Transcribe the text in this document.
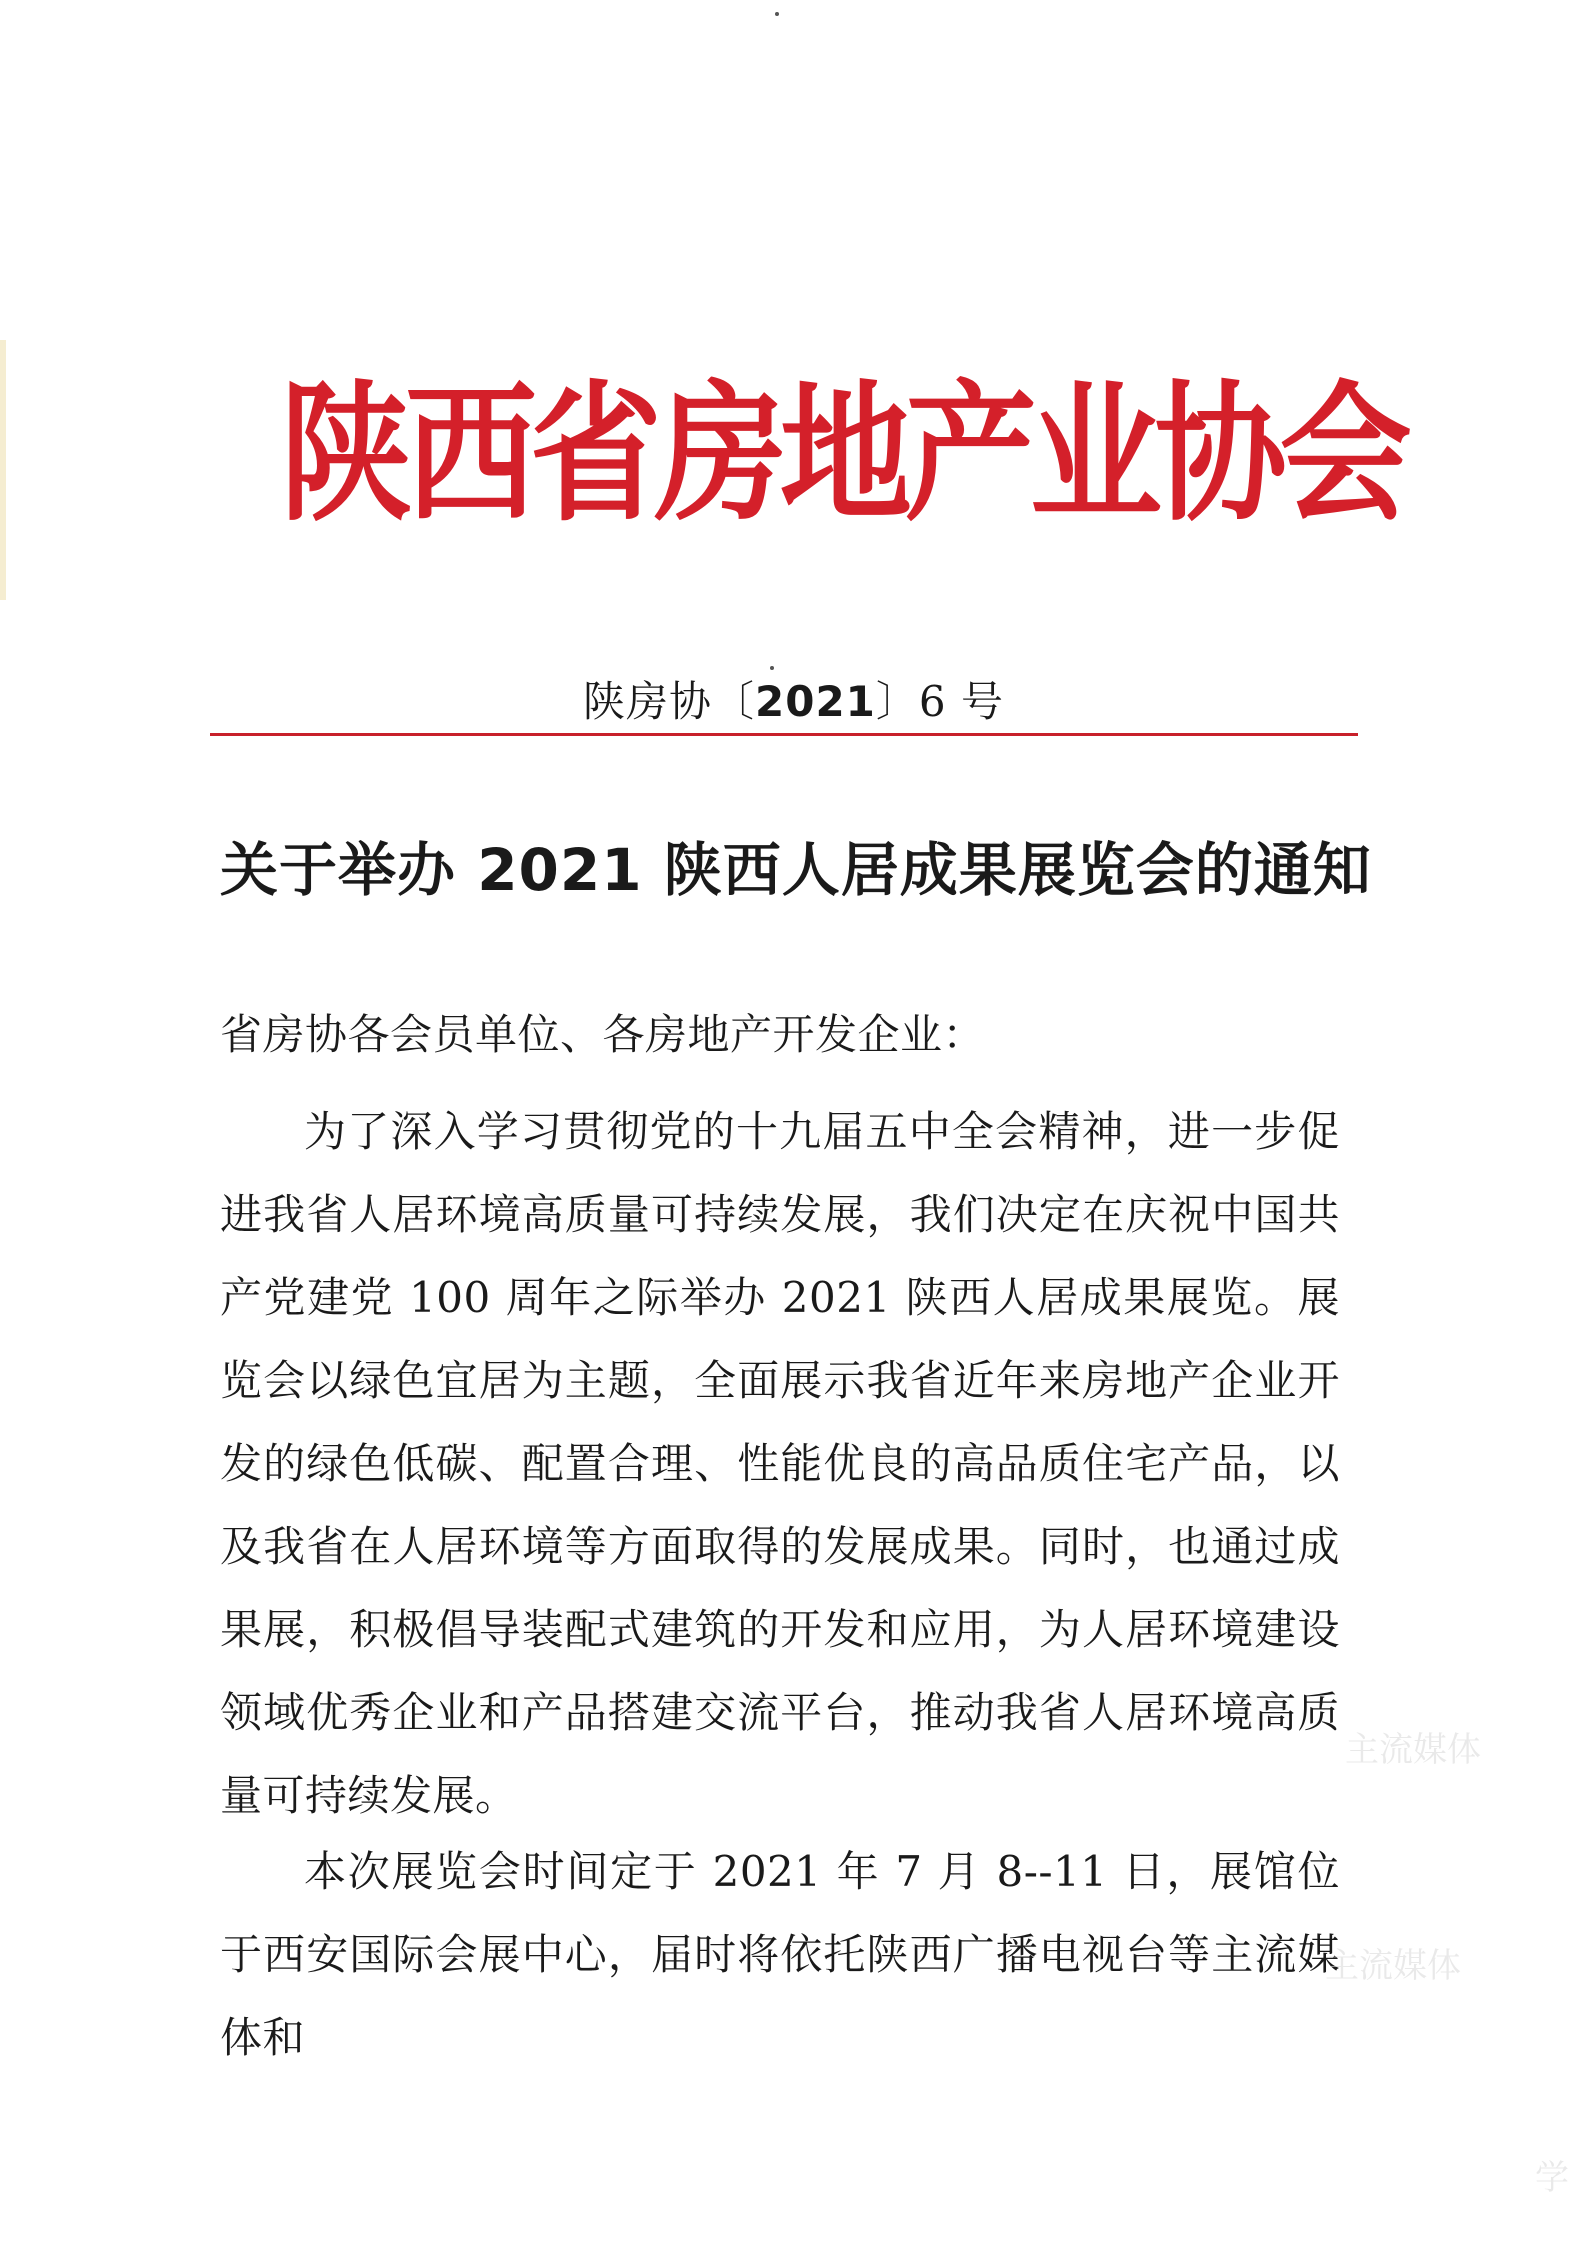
陕西省房地产业协会
陕房协〔2021〕6 号
关于举办 2021 陕西人居成果展览会的通知
省房协各会员单位、各房地产开发企业：
为了深入学习贯彻党的十九届五中全会精神，进一步促进我省人居环境高质量可持续发展，我们决定在庆祝中国共产党建党 100 周年之际举办 2021 陕西人居成果展览。展览会以绿色宜居为主题，全面展示我省近年来房地产企业开发的绿色低碳、配置合理、性能优良的高品质住宅产品，以及我省在人居环境等方面取得的发展成果。同时，也通过成果展，积极倡导装配式建筑的开发和应用，为人居环境建设领域优秀企业和产品搭建交流平台，推动我省人居环境高质量可持续发展。
本次展览会时间定于 2021 年 7 月 8--11 日，展馆位于西安国际会展中心，届时将依托陕西广播电视台等主流媒体和
主流媒体
主流媒体
学
